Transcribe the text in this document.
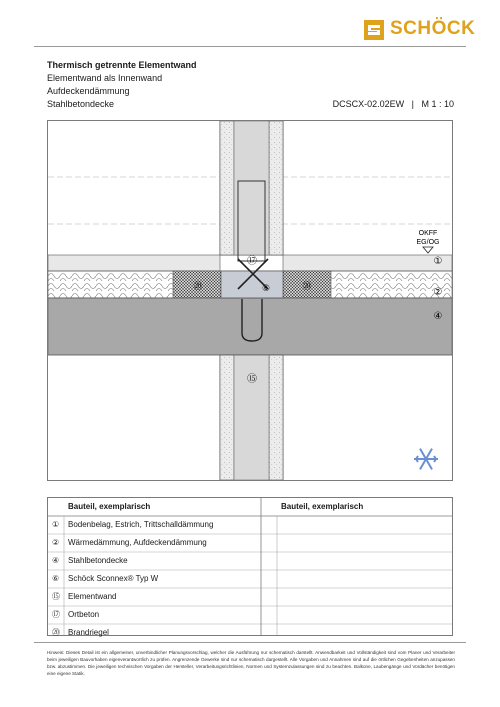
SCHÖCK
Thermisch getrennte Elementwand
Elementwand als Innenwand
Aufdeckendämmung
Stahlbetondecke	DCSCX-02.02EW   |   M 1 : 10
OKFF
EG/OG
①
②
④
⑥
⑮
⑰
⑳	⑳
Bauteil, exemplarisch	Bauteil, exemplarisch
① Bodenbelag, Estrich, Trittschalldämmung
② Wärmedämmung, Aufdeckendämmung
④ Stahlbetondecke
⑥ Schöck Sconnex® Typ W
⑮ Elementwand
⑰ Ortbeton
⑳ Brandriegel
Hinweis: Dieses Detail ist ein allgemeiner, unverbindlicher Planungsvorschlag, welcher die Ausführung nur schematisch darstellt. Anwendbarkeit und Vollständigkeit sind vom Planer und Verarbeiter beim jeweiligen Bauvorhaben eigenverantwortlich zu prüfen. Angrenzende Gewerke sind nur schematisch dargestellt. Alle Vorgaben und Annahmen sind auf die örtlichen Gegebenheiten anzupassen bzw. abzustimmen. Die jeweiligen technischen Vorgaben der Hersteller, Verarbeitungsrichtlinien, Normen und Systemzulassungen sind zu beachten. Balkone, Laubengänge und Vordächer benötigen eine eigene Statik.
